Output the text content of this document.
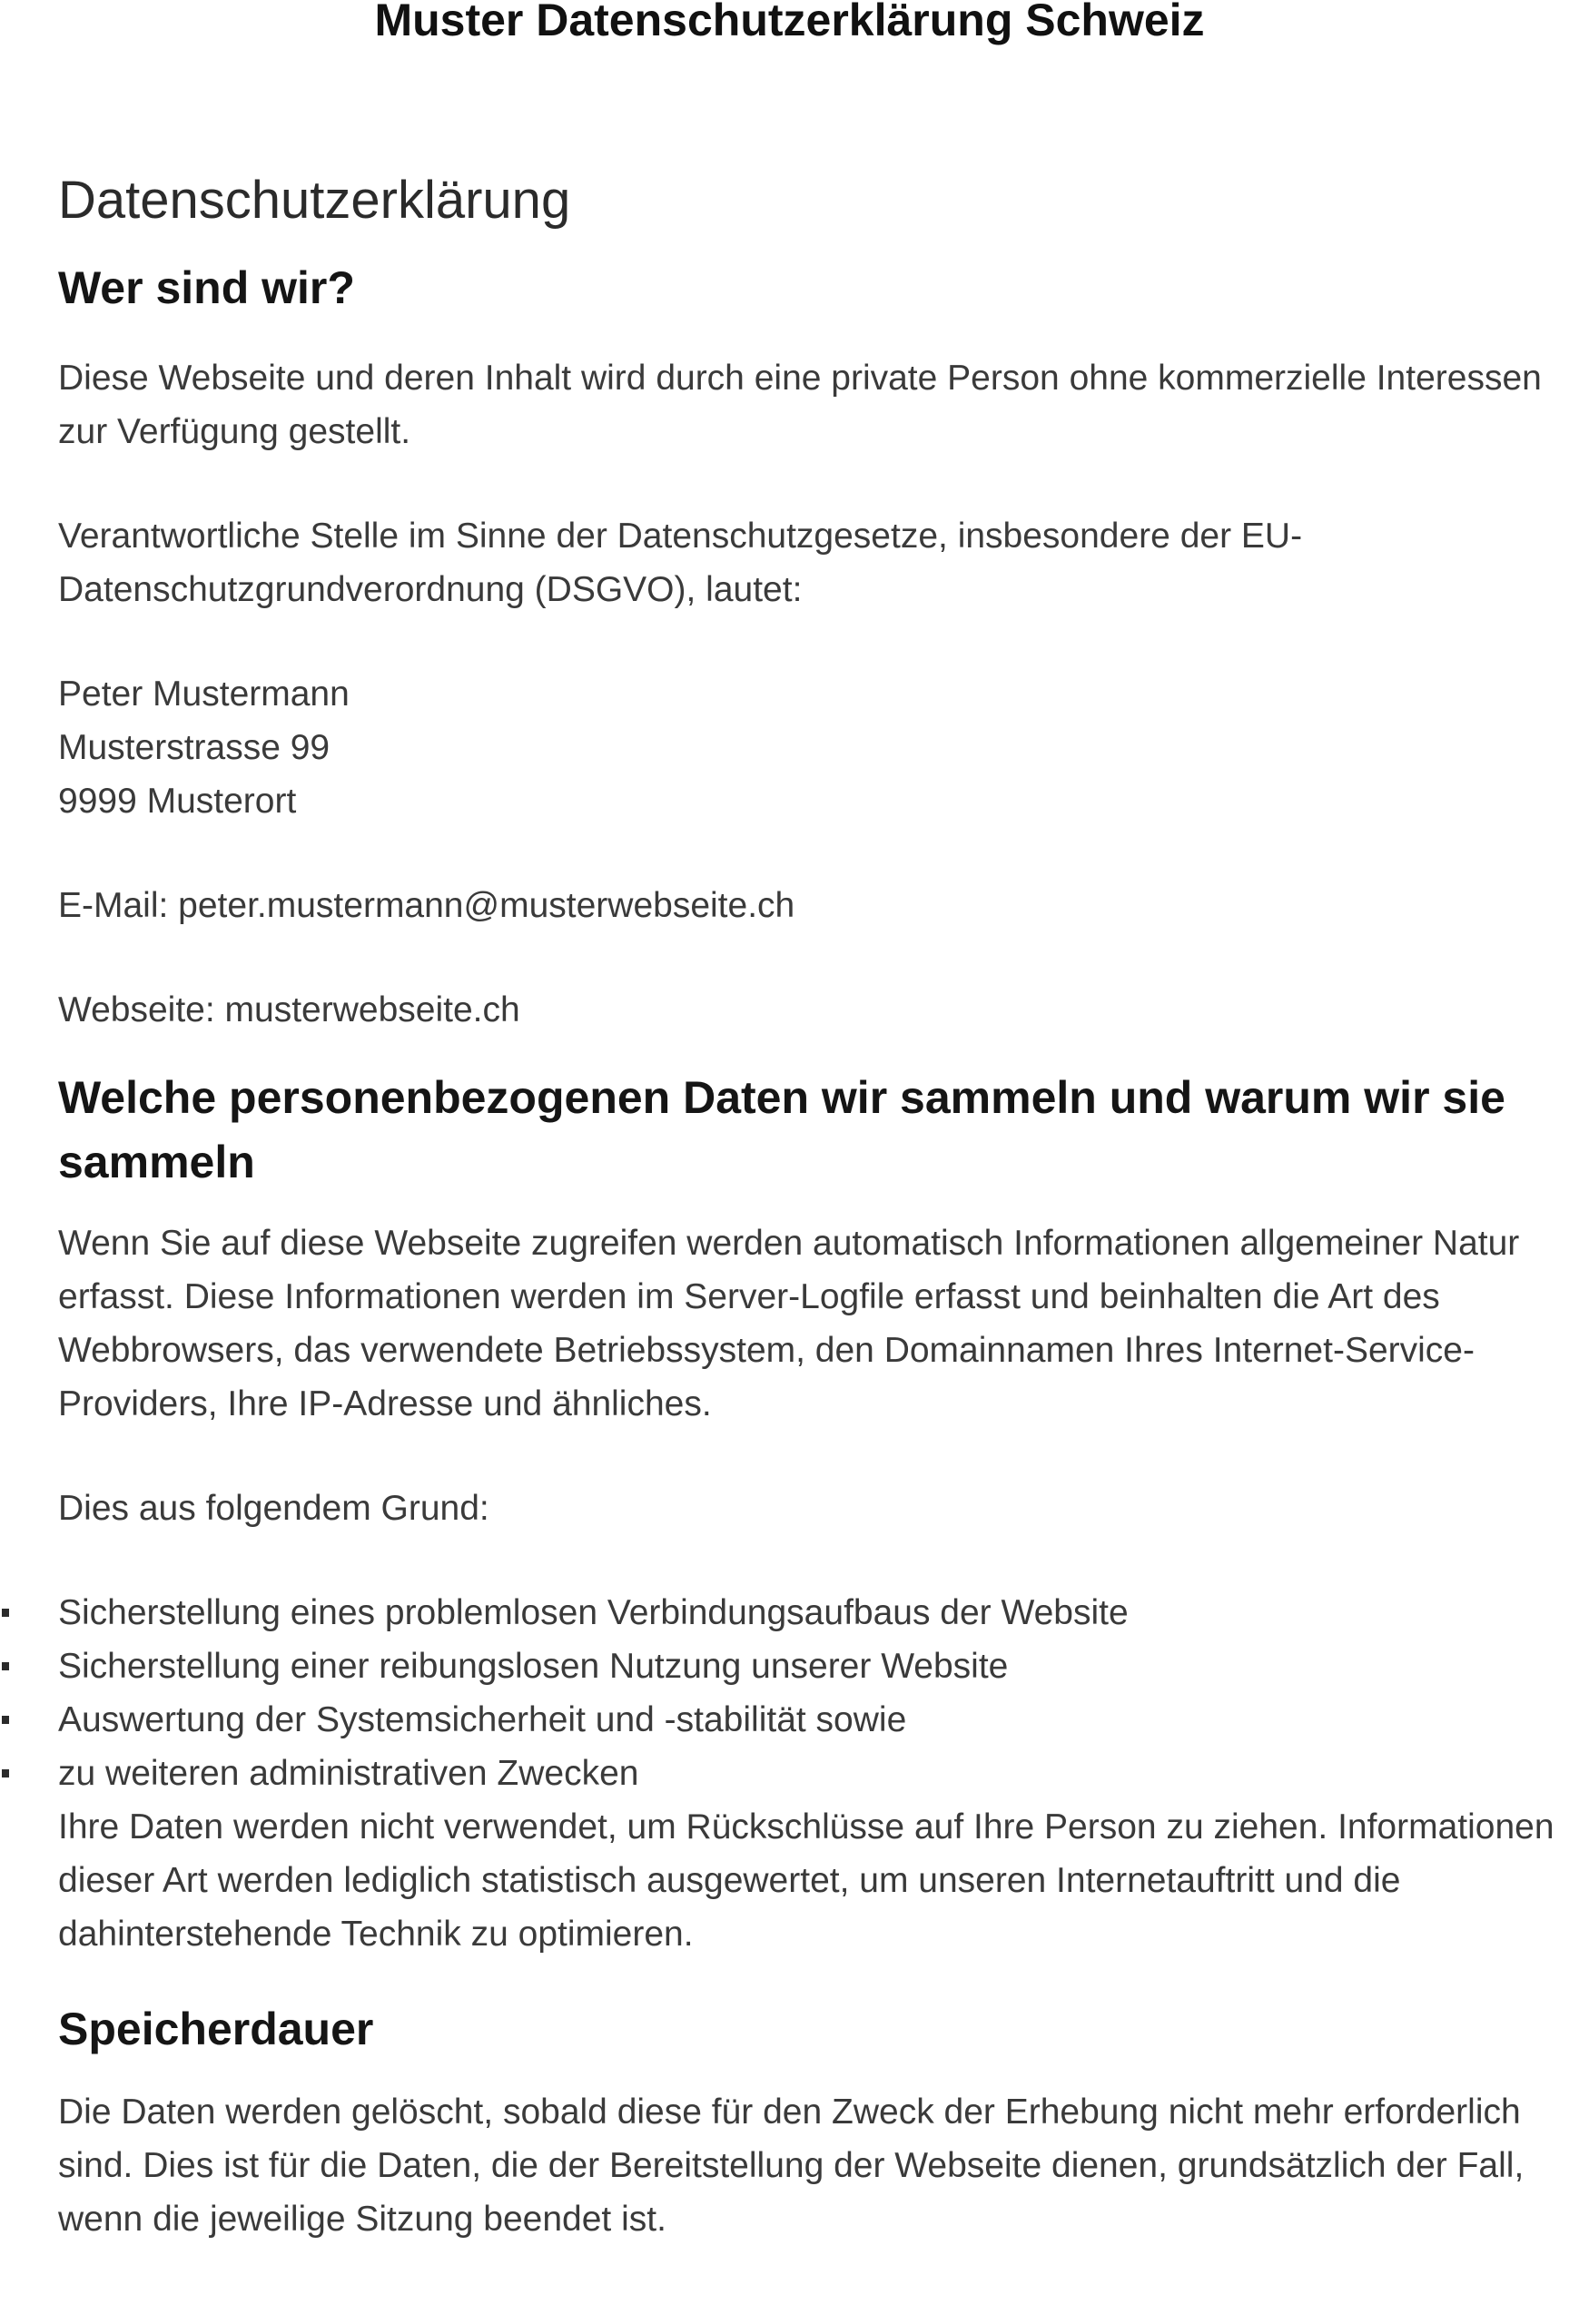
Muster Datenschutzerklärung Schweiz
Datenschutzerklärung
Wer sind wir?

Diese Webseite und deren Inhalt wird durch eine private Person ohne kommerzielle Interessen zur Verfügung gestellt.

Verantwortliche Stelle im Sinne der Datenschutzgesetze, insbesondere der EU-Datenschutzgrundverordnung (DSGVO), lautet:

Peter Mustermann
Musterstrasse 99
9999 Musterort

E-Mail: peter.mustermann@musterwebseite.ch

Webseite: musterwebseite.ch

Welche personenbezogenen Daten wir sammeln und warum wir sie sammeln

Wenn Sie auf diese Webseite zugreifen werden automatisch Informationen allgemeiner Natur erfasst. Diese Informationen werden im Server-Logfile erfasst und beinhalten die Art des Webbrowsers, das verwendete Betriebssystem, den Domainnamen Ihres Internet-Service-Providers, Ihre IP-Adresse und ähnliches.

Dies aus folgendem Grund:

Sicherstellung eines problemlosen Verbindungsaufbaus der Website
Sicherstellung einer reibungslosen Nutzung unserer Website
Auswertung der Systemsicherheit und -stabilität sowie
zu weiteren administrativen Zwecken

Ihre Daten werden nicht verwendet, um Rückschlüsse auf Ihre Person zu ziehen. Informationen dieser Art werden lediglich statistisch ausgewertet, um unseren Internetauftritt und die dahinterstehende Technik zu optimieren.

Speicherdauer

Die Daten werden gelöscht, sobald diese für den Zweck der Erhebung nicht mehr erforderlich sind. Dies ist für die Daten, die der Bereitstellung der Webseite dienen, grundsätzlich der Fall, wenn die jeweilige Sitzung beendet ist.
